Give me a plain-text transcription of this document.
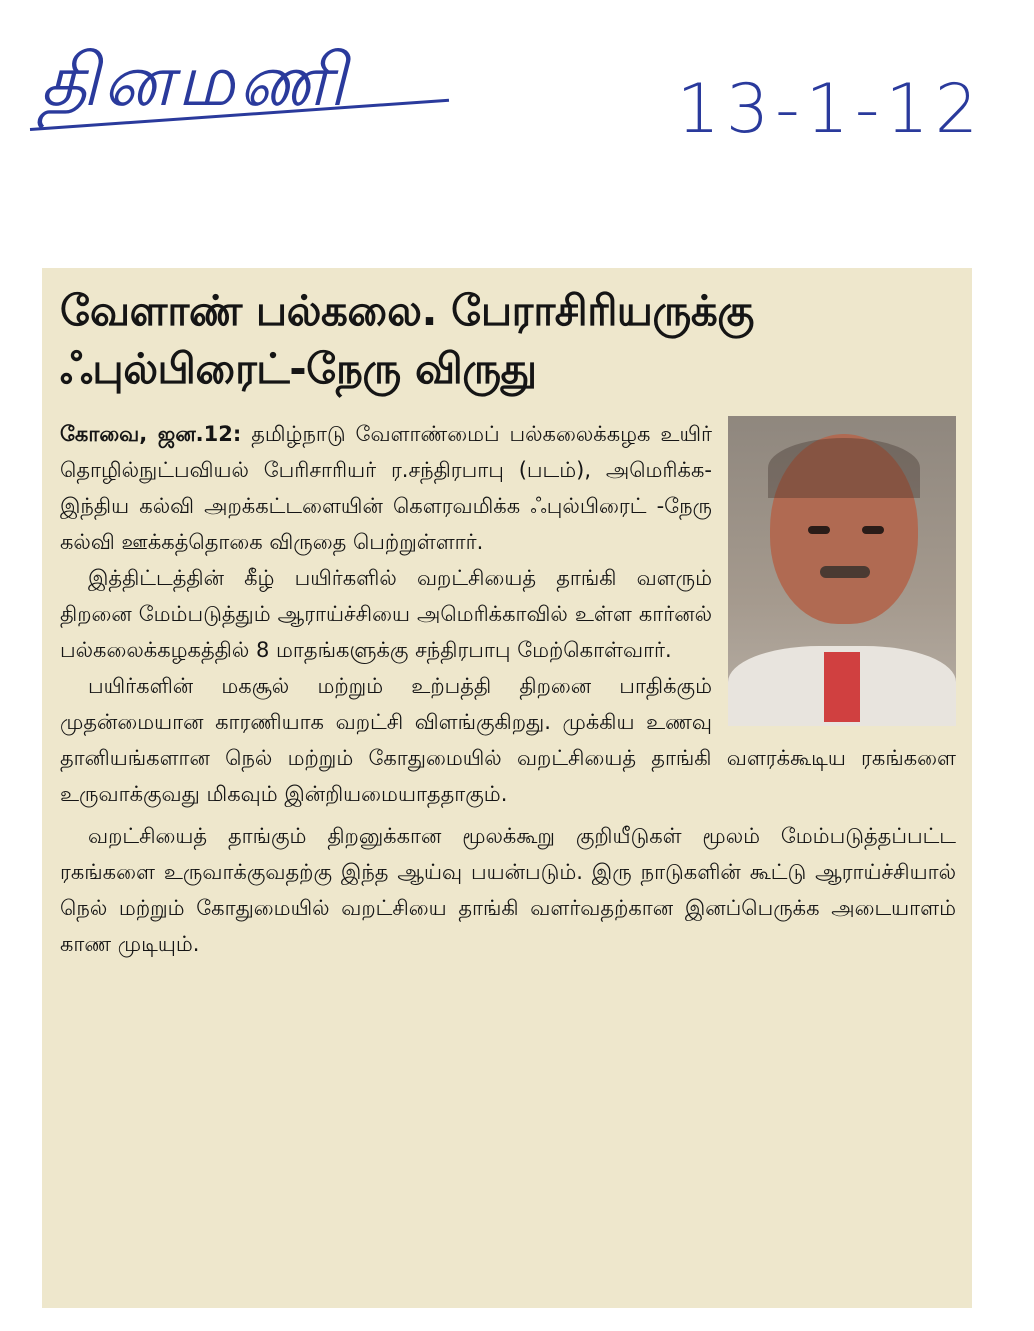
தினமணி	13-1-12
வேளாண் பல்கலை. பேராசிரியருக்கு
ஃபுல்பிரைட்-நேரு விருது

கோவை, ஜன.12: தமிழ்நாடு வேளாண்மைப் பல்கலைக்கழக உயிர் தொழில்நுட்பவியல் பேரிசாரியர் ர.சந்திரபாபு (படம்), அமெரிக்க-இந்திய கல்வி அறக்கட்டளையின் கௌரவமிக்க ஃபுல்பிரைட் -நேரு கல்வி ஊக்கத்தொகை விருதை பெற்றுள்ளார்.

இத்திட்டத்தின் கீழ் பயிர்களில் வறட்சியைத் தாங்கி வளரும் திறனை மேம்படுத்தும் ஆராய்ச்சியை அமெரிக்காவில் உள்ள கார்னல் பல்கலைக்கழகத்தில் 8 மாதங்களுக்கு சந்திரபாபு மேற்கொள்வார்.

பயிர்களின் மகசூல் மற்றும் உற்பத்தி திறனை பாதிக்கும் முதன்மையான காரணியாக வறட்சி விளங்குகிறது. முக்கிய உணவு தானியங்களான நெல் மற்றும் கோதுமையில் வறட்சியைத் தாங்கி வளரக்கூடிய ரகங்களை உருவாக்குவது மிகவும் இன்றியமையாததாகும்.

வறட்சியைத் தாங்கும் திறனுக்கான மூலக்கூறு குறியீடுகள் மூலம் மேம்படுத்தப்பட்ட ரகங்களை உருவாக்குவதற்கு இந்த ஆய்வு பயன்படும். இரு நாடுகளின் கூட்டு ஆராய்ச்சியால் நெல் மற்றும் கோதுமையில் வறட்சியை தாங்கி வளர்வதற்கான இனப்பெருக்க அடையாளம் காண முடியும்.
